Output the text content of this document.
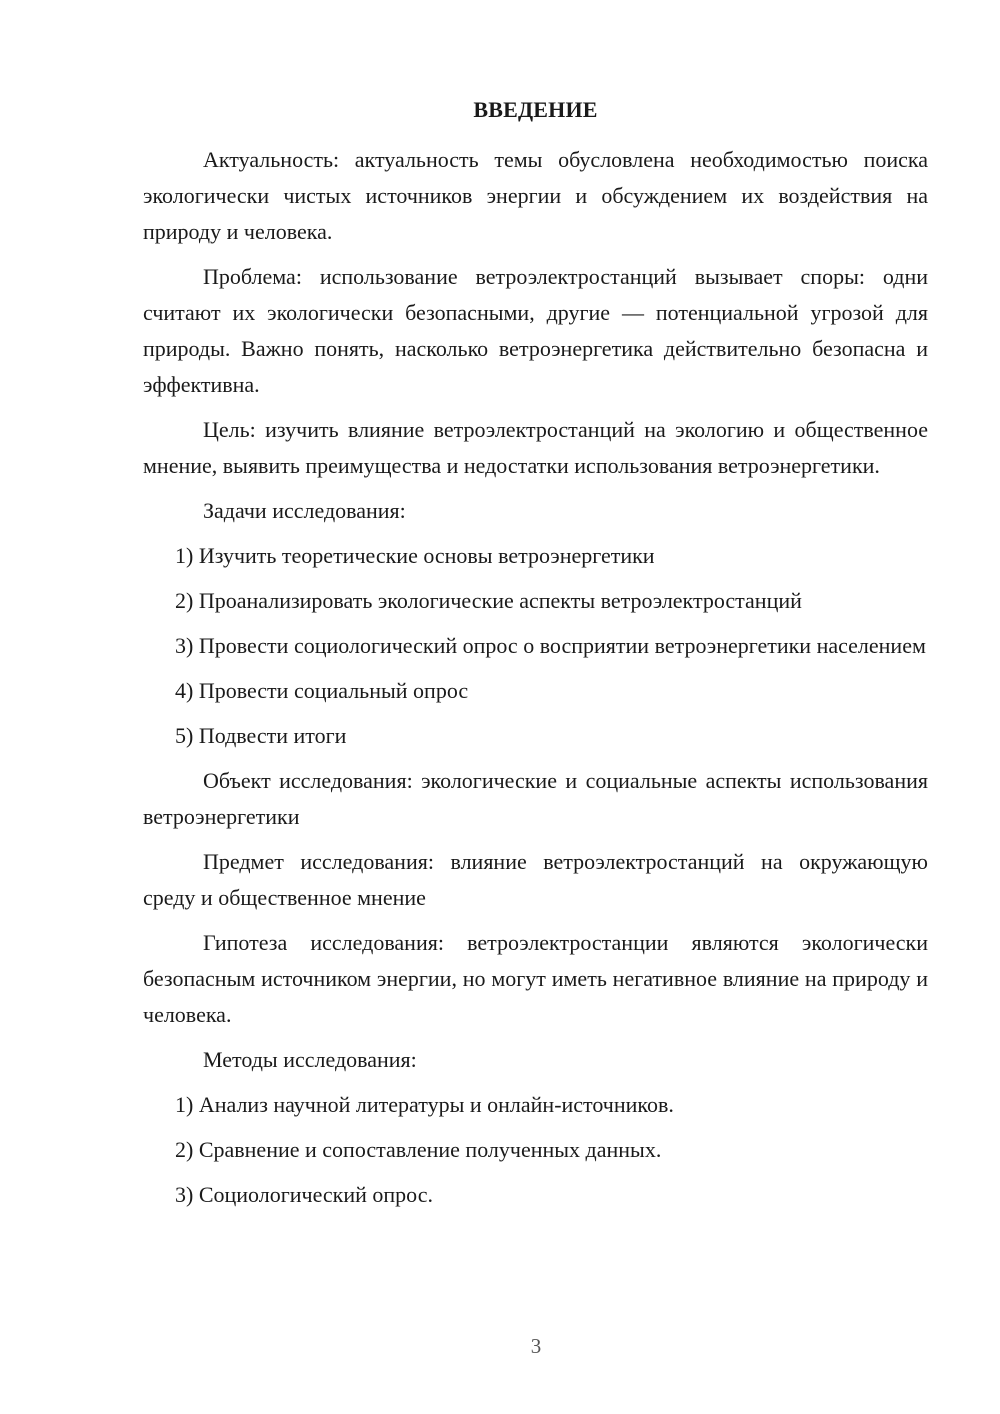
ВВЕДЕНИЕ

Актуальность: актуальность темы обусловлена необходимостью поиска экологически чистых источников энергии и обсуждением их воздействия на природу и человека.

Проблема: использование ветроэлектростанций вызывает споры: одни считают их экологически безопасными, другие — потенциальной угрозой для природы. Важно понять, насколько ветроэнергетика действительно безопасна и эффективна.

Цель: изучить влияние ветроэлектростанций на экологию и общественное мнение, выявить преимущества и недостатки использования ветроэнергетики.

Задачи исследования:

1) Изучить теоретические основы ветроэнергетики

2) Проанализировать экологические аспекты ветроэлектростанций

3) Провести социологический опрос о восприятии ветроэнергетики населением

4) Провести социальный опрос

5) Подвести итоги

Объект исследования: экологические и социальные аспекты использования ветроэнергетики

Предмет исследования: влияние ветроэлектростанций на окружающую среду и общественное мнение

Гипотеза исследования: ветроэлектростанции являются экологически безопасным источником энергии, но могут иметь негативное влияние на природу и человека.

Методы исследования:

1) Анализ научной литературы и онлайн-источников.

2) Сравнение и сопоставление полученных данных.

3) Социологический опрос.

3
